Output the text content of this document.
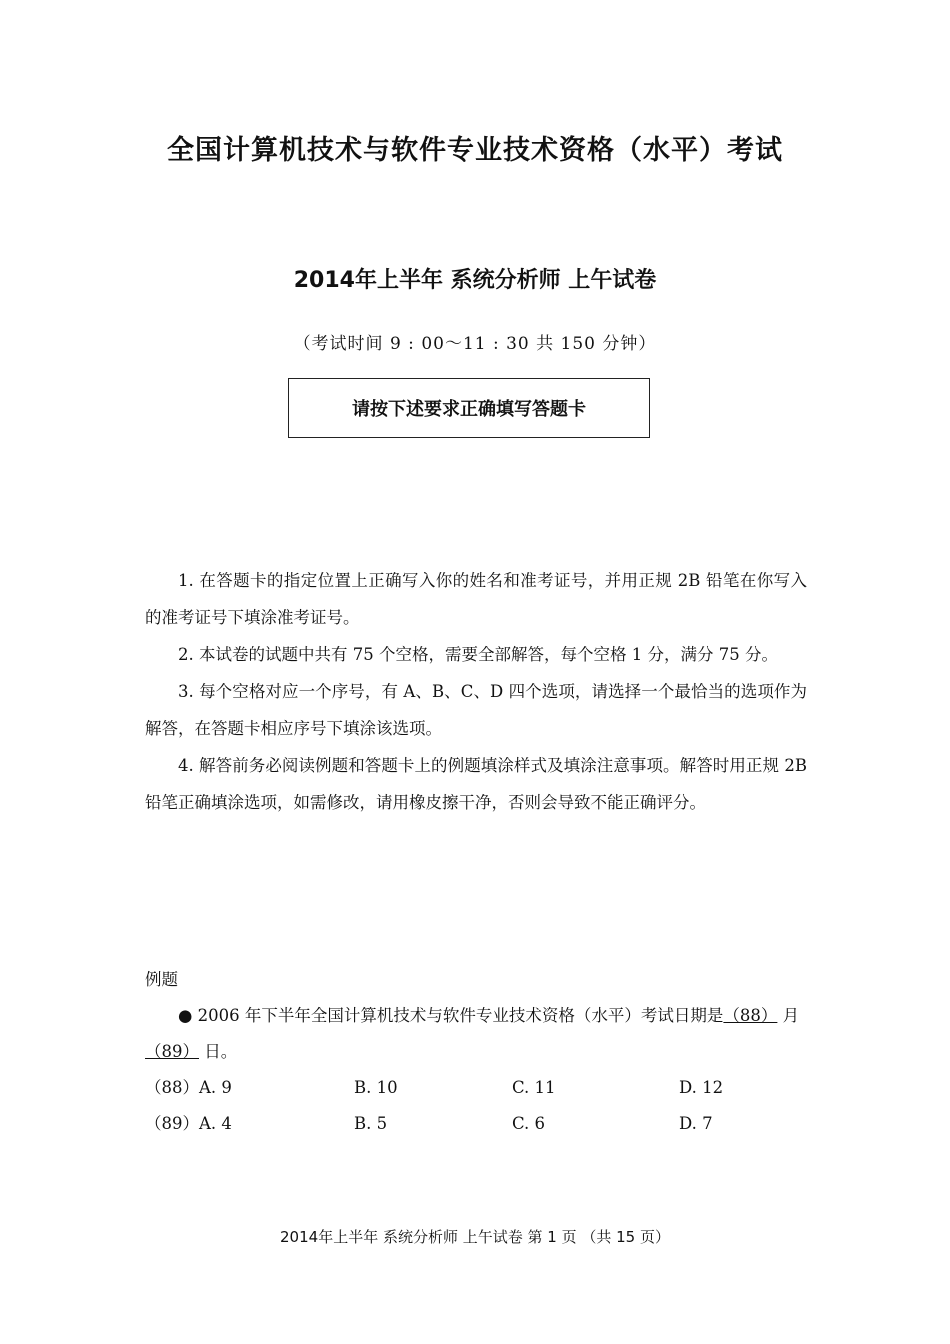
全国计算机技术与软件专业技术资格（水平）考试
2014年上半年 系统分析师 上午试卷
（考试时间 9 : 00～11 : 30 共 150 分钟）
请按下述要求正确填写答题卡

1. 在答题卡的指定位置上正确写入你的姓名和准考证号，并用正规 2B 铅笔在你写入的准考证号下填涂准考证号。

2. 本试卷的试题中共有 75 个空格，需要全部解答，每个空格 1 分，满分 75 分。

3. 每个空格对应一个序号，有 A、B、C、D 四个选项，请选择一个最恰当的选项作为解答，在答题卡相应序号下填涂该选项。

4. 解答前务必阅读例题和答题卡上的例题填涂样式及填涂注意事项。解答时用正规 2B 铅笔正确填涂选项，如需修改，请用橡皮擦干净，否则会导致不能正确评分。

例题

● 2006 年下半年全国计算机技术与软件专业技术资格（水平）考试日期是（88） 月 （89） 日。

（88）A. 9	B. 10	C. 11	D. 12
（89）A. 4	B. 5	C. 6	D. 7
2014年上半年 系统分析师 上午试卷 第 1 页 （共 15 页）
